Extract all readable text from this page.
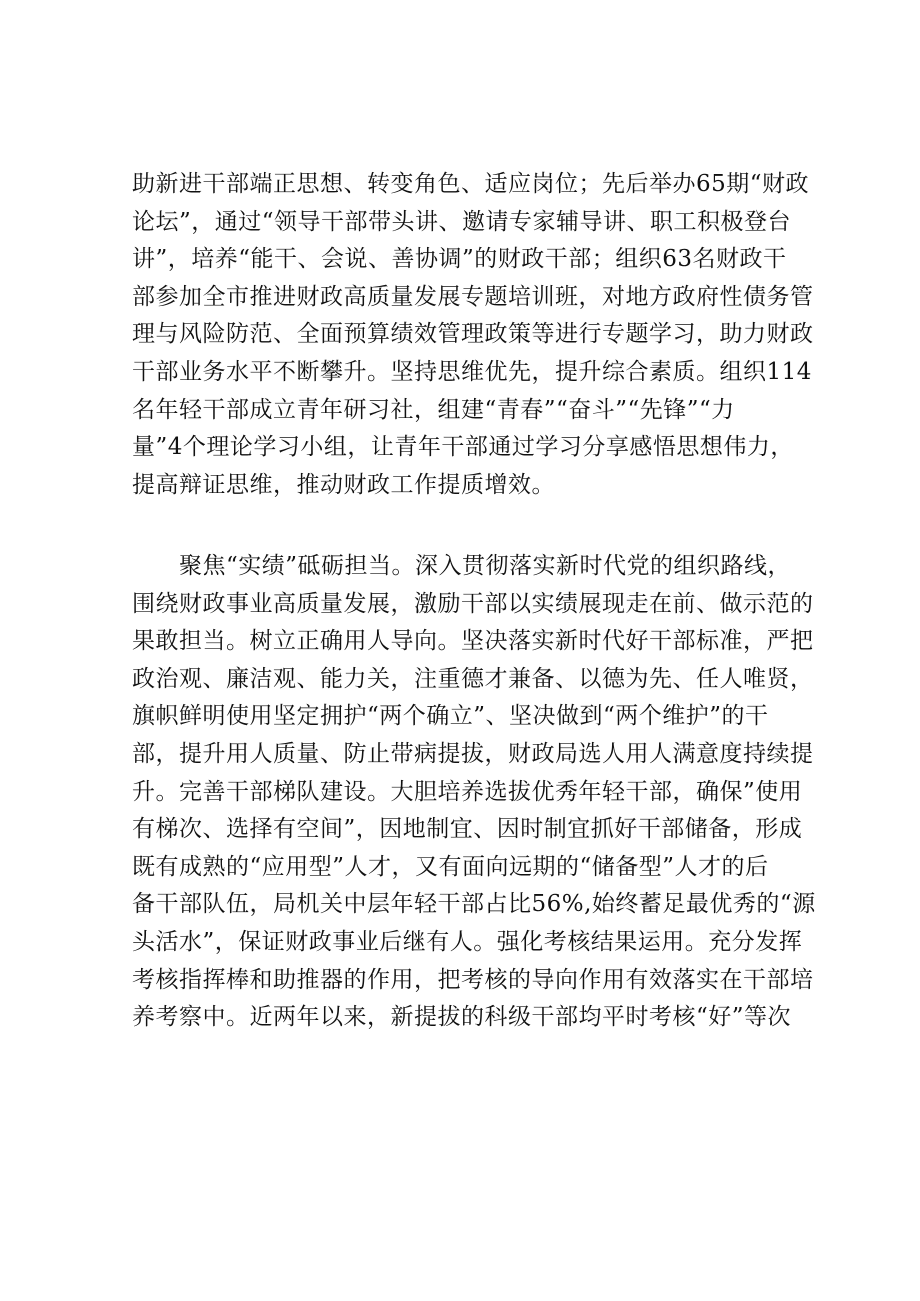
助新进干部端正思想、转变角色、适应岗位；先后举办65期“财政
论坛”，通过“领导干部带头讲、邀请专家辅导讲、职工积极登台
讲”，培养“能干、会说、善协调”的财政干部；组织63名财政干
部参加全市推进财政高质量发展专题培训班，对地方政府性债务管
理与风险防范、全面预算绩效管理政策等进行专题学习，助力财政
干部业务水平不断攀升。坚持思维优先，提升综合素质。组织114
名年轻干部成立青年研习社，组建“青春”“奋斗”“先锋”“力
量”4个理论学习小组，让青年干部通过学习分享感悟思想伟力，
提高辩证思维，推动财政工作提质增效。
　　聚焦“实绩”砥砺担当。深入贯彻落实新时代党的组织路线，
围绕财政事业高质量发展，激励干部以实绩展现走在前、做示范的
果敢担当。树立正确用人导向。坚决落实新时代好干部标准，严把
政治观、廉洁观、能力关，注重德才兼备、以德为先、任人唯贤，
旗帜鲜明使用坚定拥护“两个确立”、坚决做到“两个维护”的干
部，提升用人质量、防止带病提拔，财政局选人用人满意度持续提
升。完善干部梯队建设。大胆培养选拔优秀年轻干部，确保”使用
有梯次、选择有空间”，因地制宜、因时制宜抓好干部储备，形成
既有成熟的“应用型”人才，又有面向远期的“储备型”人才的后
备干部队伍，局机关中层年轻干部占比56%,始终蓄足最优秀的“源
头活水”，保证财政事业后继有人。强化考核结果运用。充分发挥
考核指挥棒和助推器的作用，把考核的导向作用有效落实在干部培
养考察中。近两年以来，新提拔的科级干部均平时考核“好”等次
